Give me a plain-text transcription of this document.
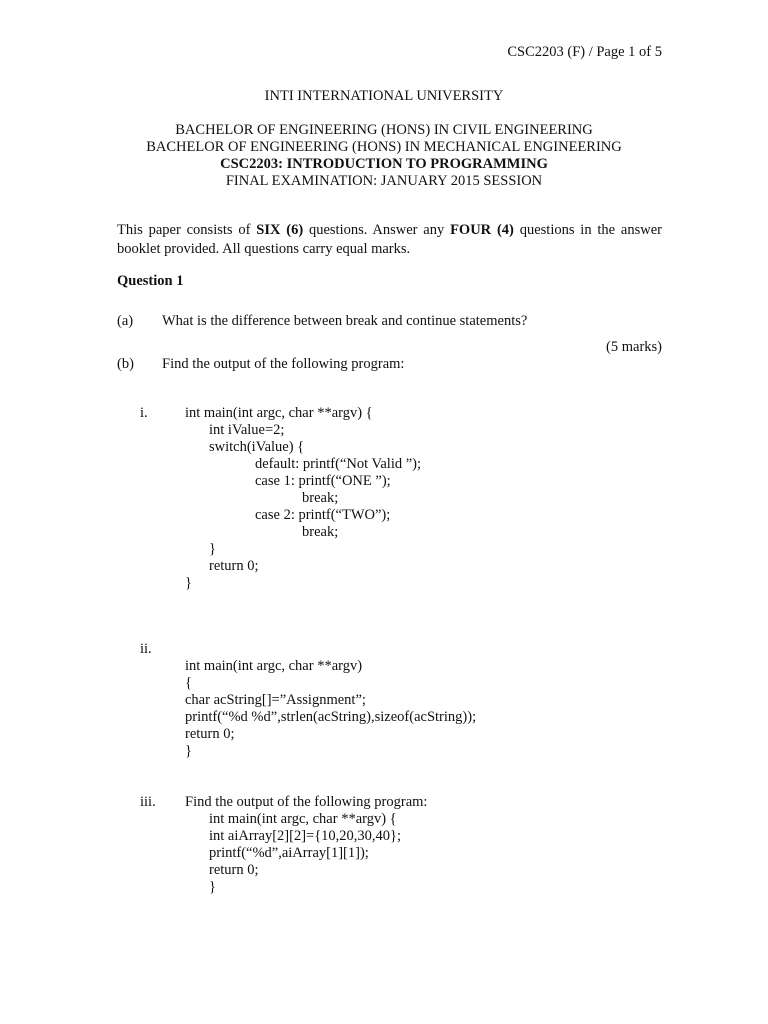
CSC2203 (F) / Page 1 of 5
INTI INTERNATIONAL UNIVERSITY
BACHELOR OF ENGINEERING (HONS) IN CIVIL ENGINEERING
BACHELOR OF ENGINEERING (HONS) IN MECHANICAL ENGINEERING
CSC2203: INTRODUCTION TO PROGRAMMING
FINAL EXAMINATION: JANUARY 2015 SESSION
This paper consists of SIX (6) questions. Answer any FOUR (4) questions in the answer booklet provided. All questions carry equal marks.
Question 1
(a) What is the difference between break and continue statements?
(5 marks)
(b) Find the output of the following program:
i.	int main(int argc, char **argv) {
int iValue=2;
switch(iValue) {
default: printf(“Not Valid ”);
case 1: printf(“ONE ”);
break;
case 2: printf(“TWO”);
break;
}
return 0;
}
ii.
int main(int argc, char **argv)
{
char acString[]=”Assignment”;
printf(“%d %d”,strlen(acString),sizeof(acString));
return 0;
}
iii. Find the output of the following program:
int main(int argc, char **argv) {
int aiArray[2][2]={10,20,30,40};
printf(“%d”,aiArray[1][1]);
return 0;
}
